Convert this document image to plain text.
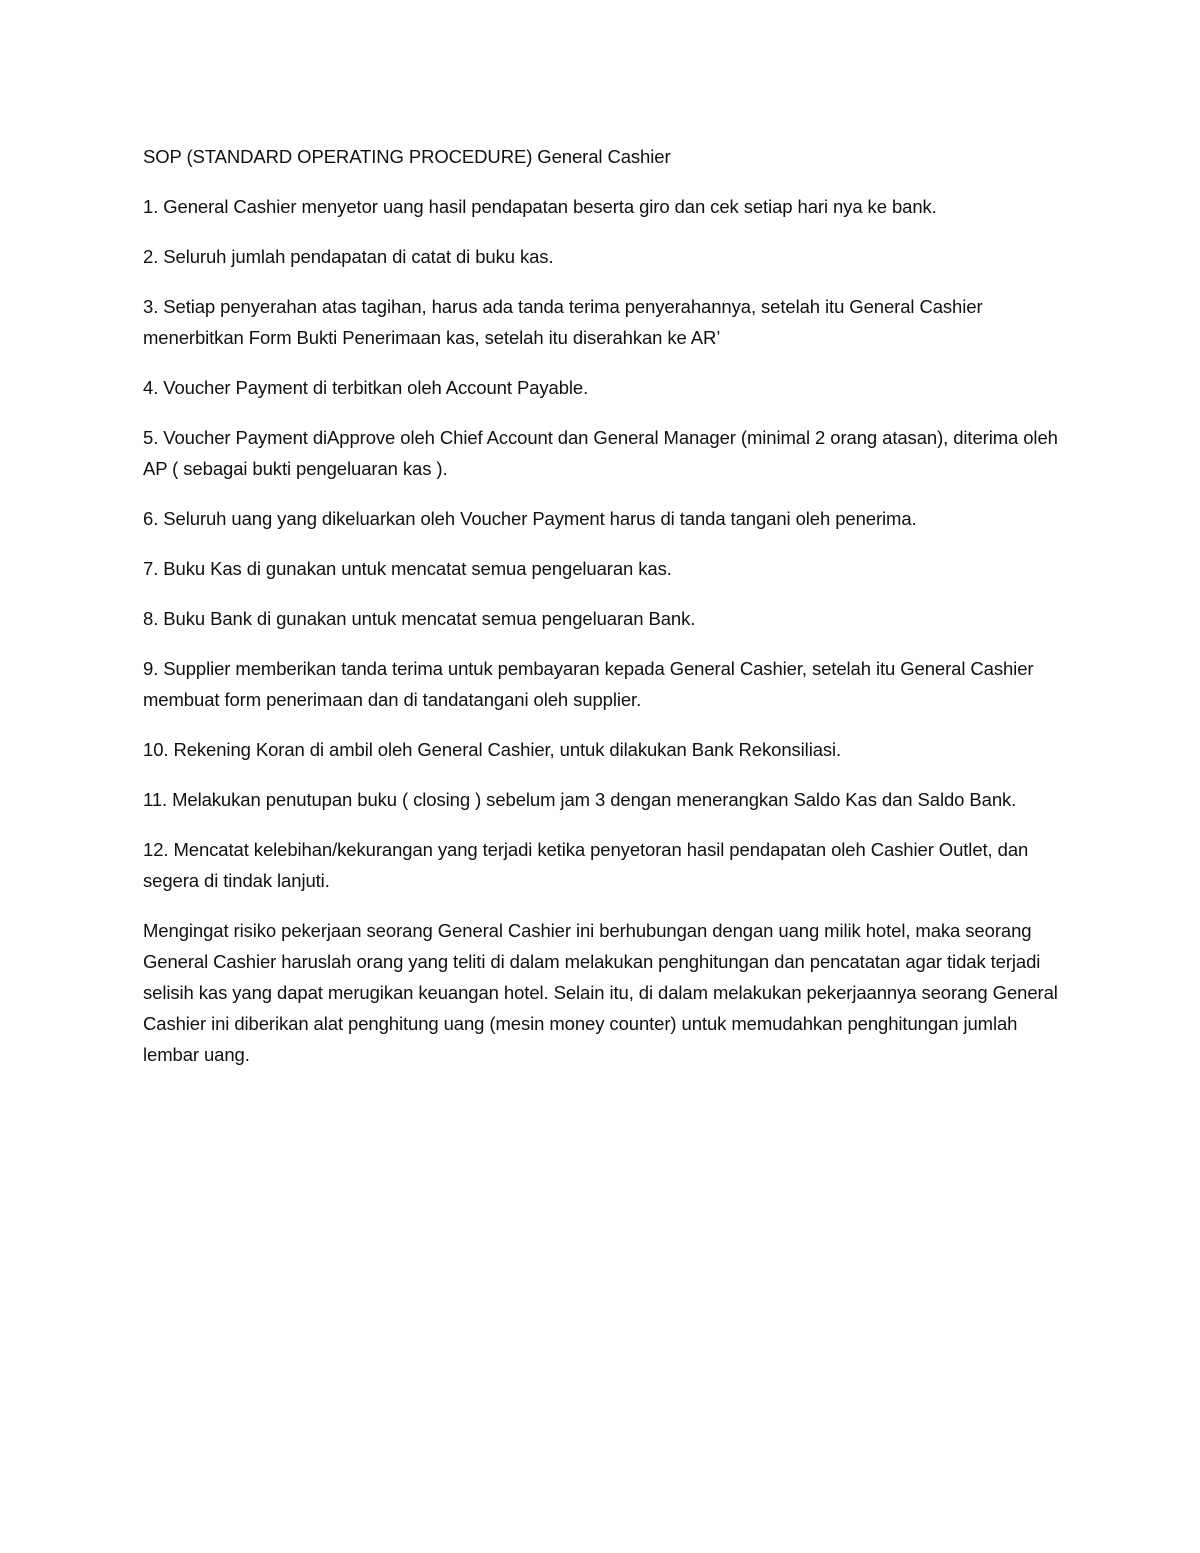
SOP (STANDARD OPERATING PROCEDURE) General Cashier

1. General Cashier menyetor uang hasil pendapatan beserta giro dan cek setiap hari nya ke bank.

2. Seluruh jumlah pendapatan di catat di buku kas.

3. Setiap penyerahan atas tagihan, harus ada tanda terima penyerahannya, setelah itu General Cashier menerbitkan Form Bukti Penerimaan kas, setelah itu diserahkan ke AR’

4. Voucher Payment di terbitkan oleh Account Payable.

5. Voucher Payment diApprove oleh Chief Account dan General Manager (minimal 2 orang atasan), diterima oleh AP ( sebagai bukti pengeluaran kas ).

6. Seluruh uang yang dikeluarkan oleh Voucher Payment harus di tanda tangani oleh penerima.

7. Buku Kas di gunakan untuk mencatat semua pengeluaran kas.

8. Buku Bank di gunakan untuk mencatat semua pengeluaran Bank.

9. Supplier memberikan tanda terima untuk pembayaran kepada General Cashier, setelah itu General Cashier membuat form penerimaan dan di tandatangani oleh supplier.

10. Rekening Koran di ambil oleh General Cashier, untuk dilakukan Bank Rekonsiliasi.

11. Melakukan penutupan buku ( closing ) sebelum jam 3 dengan menerangkan Saldo Kas dan Saldo Bank.

12. Mencatat kelebihan/kekurangan yang terjadi ketika penyetoran hasil pendapatan oleh Cashier Outlet, dan segera di tindak lanjuti.

Mengingat risiko pekerjaan seorang General Cashier ini berhubungan dengan uang milik hotel, maka seorang General Cashier haruslah orang yang teliti di dalam melakukan penghitungan dan pencatatan agar tidak terjadi selisih kas yang dapat merugikan keuangan hotel. Selain itu, di dalam melakukan pekerjaannya seorang General Cashier ini diberikan alat penghitung uang (mesin money counter) untuk memudahkan penghitungan jumlah lembar uang.
